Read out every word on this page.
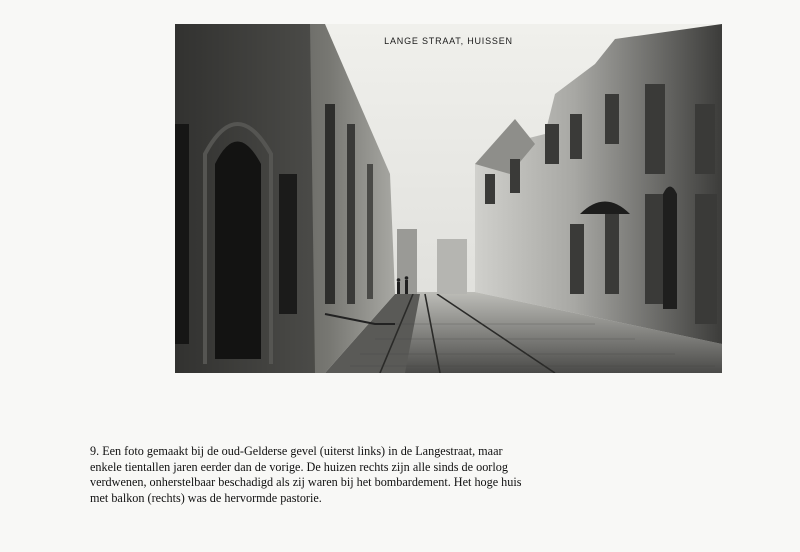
LANGE STRAAT, HUISSEN
9. Een foto gemaakt bij de oud-Gelderse gevel (uiterst links) in de Langestraat, maar
enkele tientallen jaren eerder dan de vorige. De huizen rechts zijn alle sinds de oorlog
verdwenen, onherstelbaar beschadigd als zij waren bij het bombardement. Het hoge huis
met balkon (rechts) was de hervormde pastorie.
